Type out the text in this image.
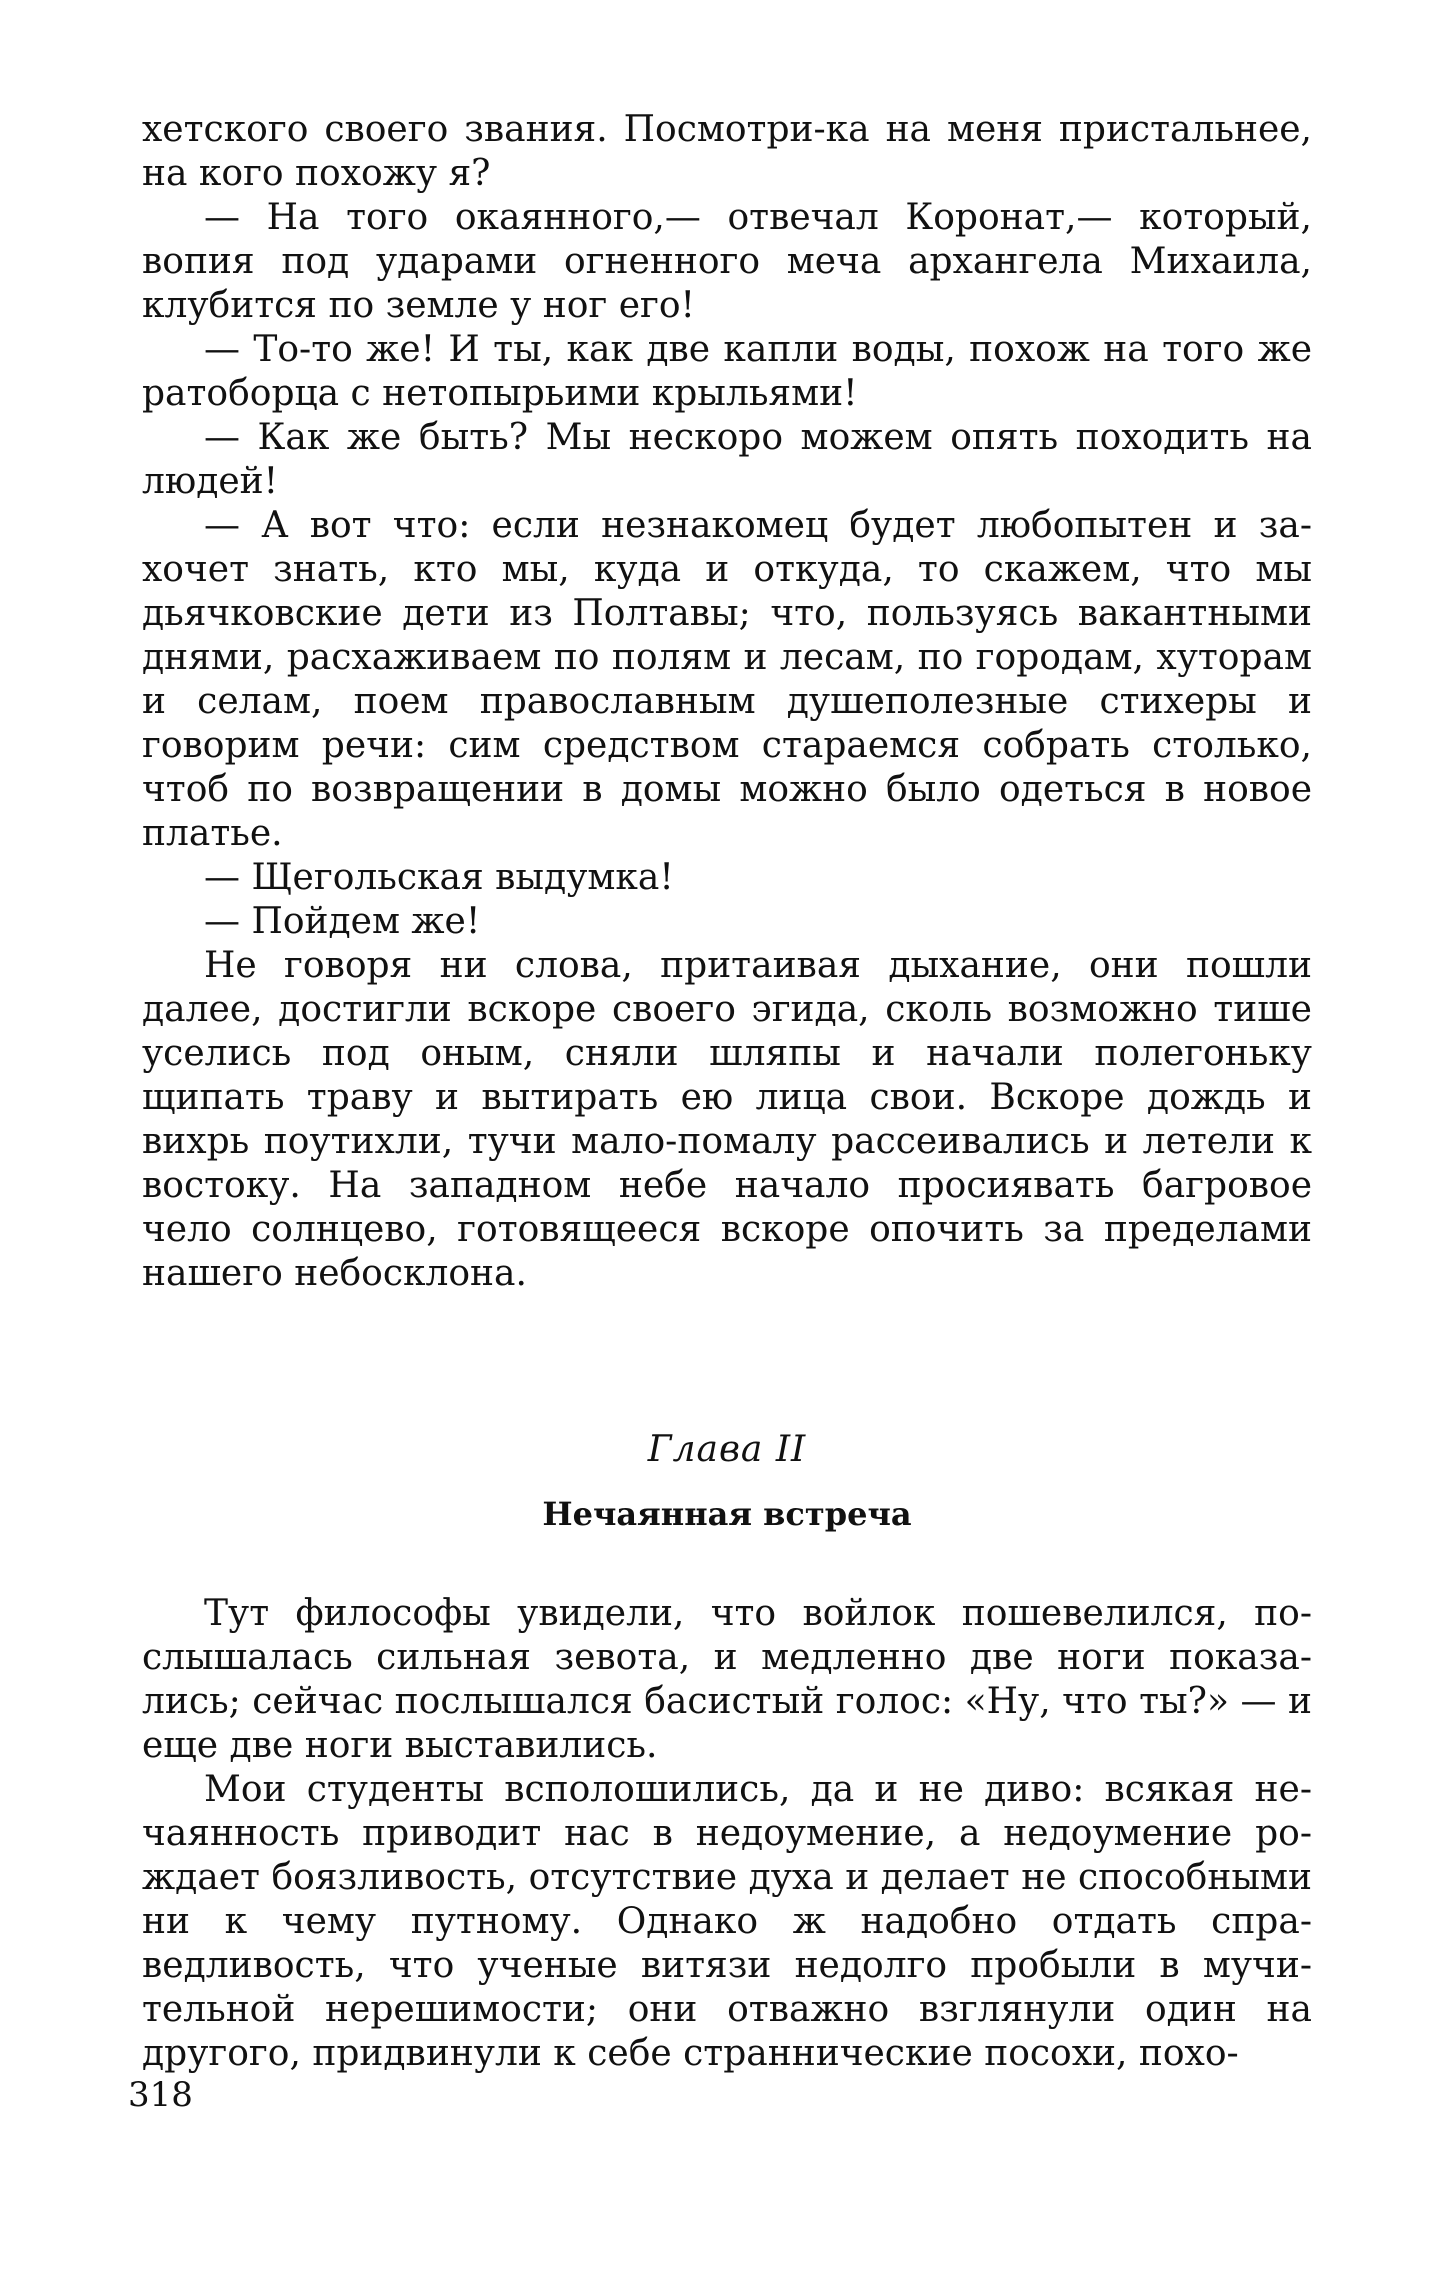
хетского своего звания. Посмотри-ка на меня пристальнее, на кого похожу я?

— На того окаянного,— отвечал Коронат,— который, вопия под ударами огненного меча архангела Михаила, клубится по земле у ног его!

— То-то же! И ты, как две капли воды, похож на того же ратоборца с нетопырьими крыльями!

— Как же быть? Мы нескоро можем опять походить на людей!

— А вот что: если незнакомец будет любопытен и захочет знать, кто мы, куда и откуда, то скажем, что мы дьячковские дети из Полтавы; что, пользуясь вакантными днями, расхаживаем по полям и лесам, по городам, хуторам и селам, поем православным душеполезные стихеры и говорим речи: сим средством стараемся собрать столько, чтоб по возвращении в домы можно было одеться в новое платье.

— Щегольская выдумка!

— Пойдем же!

Не говоря ни слова, притаивая дыхание, они пошли далее, достигли вскоре своего эгида, сколь возможно тише уселись под оным, сняли шляпы и начали полегоньку щипать траву и вытирать ею лица свои. Вскоре дождь и вихрь поутихли, тучи мало-помалу рассеивались и летели к востоку. На западном небе начало просиявать багровое чело солнцево, готовящееся вскоре опочить за пределами нашего небосклона.

Глава II
Нечаянная встреча

Тут философы увидели, что войлок пошевелился, послышалась сильная зевота, и медленно две ноги показались; сейчас послышался басистый голос: «Ну, что ты?» — и еще две ноги выставились.

Мои студенты всполошились, да и не диво: всякая нечаянность приводит нас в недоумение, а недоумение рождает боязливость, отсутствие духа и делает не способными ни к чему путному. Однако ж надобно отдать справедливость, что ученые витязи недолго пробыли в мучительной нерешимости; они отважно взглянули один на другого, придвинули к себе страннические посохи, похо-

318
